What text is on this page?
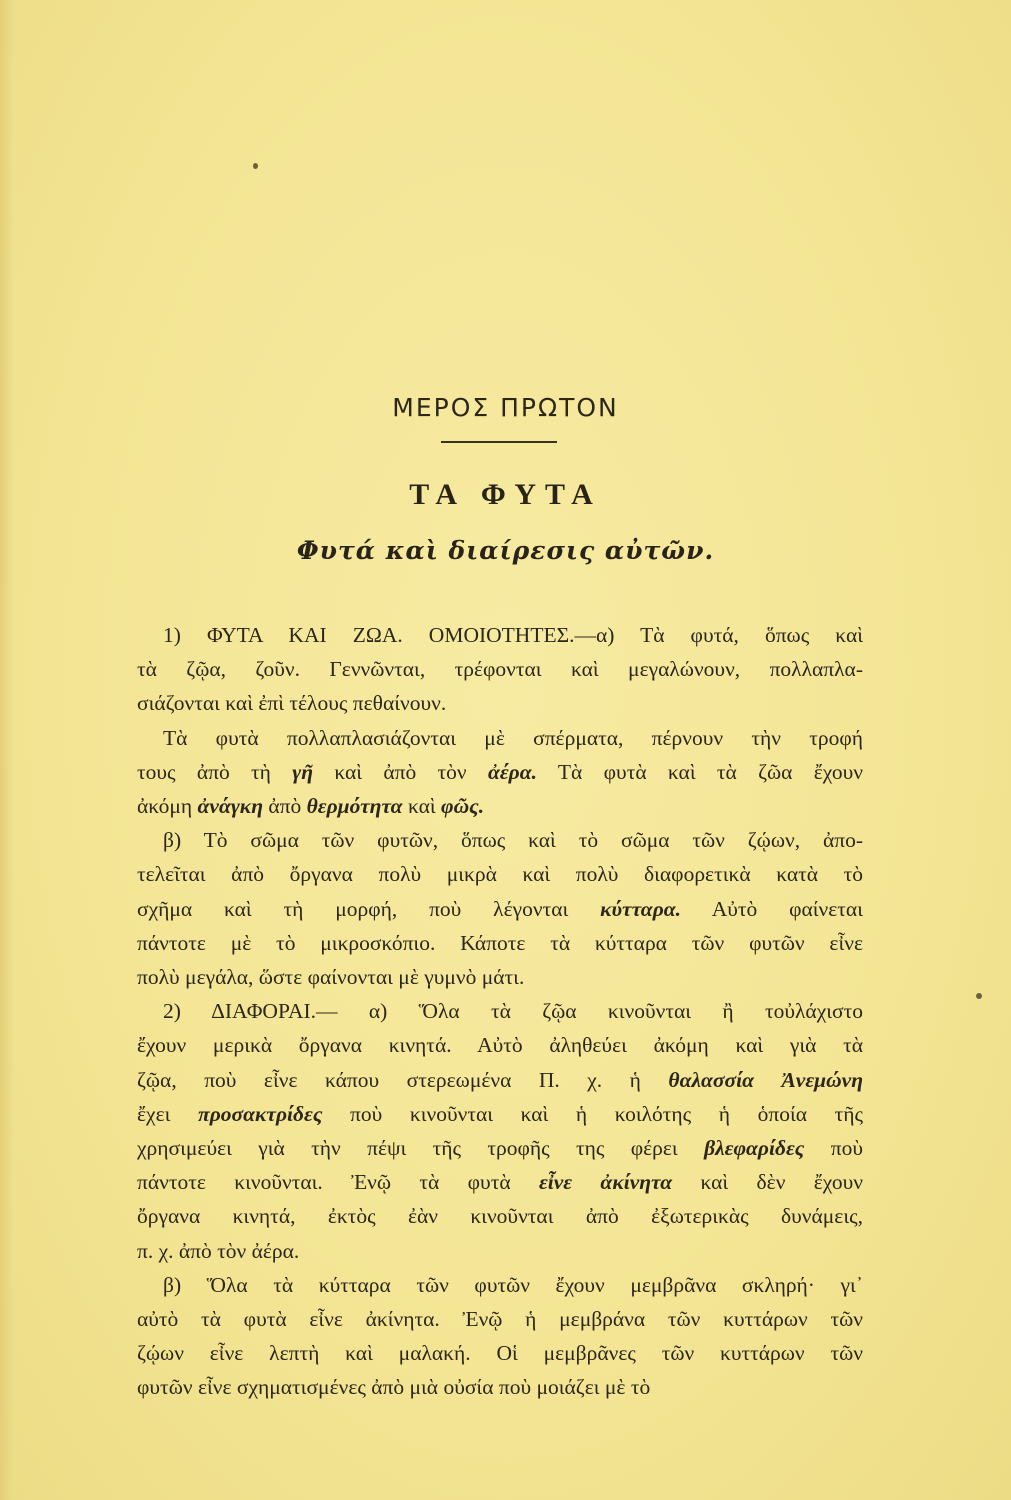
ΜΕΡΟΣ ΠΡΩΤΟΝ
ΤΑ ΦΥΤΑ
Φυτά καὶ διαίρεσις αὐτῶν.

1) ΦΥΤΑ ΚΑΙ ΖΩΑ. ΟΜΟΙΟΤΗΤΕΣ.—α) Τὰ φυτά, ὅπως καὶ

τὰ ζῷα, ζοῦν. Γεννῶνται, τρέφονται καὶ μεγαλώνουν, πολλαπλα-

σιάζονται καὶ ἐπὶ τέλους πεθαίνουν.

Τὰ φυτὰ πολλαπλασιάζονται μὲ σπέρματα, πέρνουν τὴν τροφή

τους ἀπὸ τὴ γῆ καὶ ἀπὸ τὸν ἀέρα. Τὰ φυτὰ καὶ τὰ ζῶα ἔχουν

ἀκόμη ἀνάγκη ἀπὸ θερμότητα καὶ φῶς.

β) Τὸ σῶμα τῶν φυτῶν, ὅπως καὶ τὸ σῶμα τῶν ζῴων, ἀπο-

τελεῖται ἀπὸ ὄργανα πολὺ μικρὰ καὶ πολὺ διαφορετικὰ κατὰ τὸ

σχῆμα καὶ τὴ μορφή, ποὺ λέγονται κύτταρα. Αὐτὸ φαίνεται

πάντοτε μὲ τὸ μικροσκόπιο. Κάποτε τὰ κύτταρα τῶν φυτῶν εἶνε

πολὺ μεγάλα, ὥστε φαίνονται μὲ γυμνὸ μάτι.

2) ΔΙΑΦΟΡΑΙ.— α) Ὅλα τὰ ζῷα κινοῦνται ἢ τοὐλάχιστο

ἔχουν μερικὰ ὄργανα κινητά. Αὐτὸ ἀληθεύει ἀκόμη καὶ γιὰ τὰ

ζῷα, ποὺ εἶνε κάπου στερεωμένα Π. χ. ἡ θαλασσία Ἀνεμώνη

ἔχει προσακτρίδες ποὺ κινοῦνται καὶ ἡ κοιλότης ἡ ὁποία τῆς

χρησιμεύει γιὰ τὴν πέψι τῆς τροφῆς της φέρει βλεφαρίδες ποὺ

πάντοτε κινοῦνται. Ἐνῷ τὰ φυτὰ εἶνε ἀκίνητα καὶ δὲν ἔχουν

ὄργανα κινητά, ἐκτὸς ἐὰν κινοῦνται ἀπὸ ἐξωτερικὰς δυνάμεις,

π. χ. ἀπὸ τὸν ἀέρα.

β) Ὅλα τὰ κύτταρα τῶν φυτῶν ἔχουν μεμβρᾶνα σκληρή· γι᾽

αὐτὸ τὰ φυτὰ εἶνε ἀκίνητα. Ἐνῷ ἡ μεμβράνα τῶν κυττάρων τῶν

ζῴων εἶνε λεπτὴ καὶ μαλακή. Οἱ μεμβρᾶνες τῶν κυττάρων τῶν

φυτῶν εἶνε σχηματισμένες ἀπὸ μιὰ οὐσία ποὺ μοιάζει μὲ τὸ
